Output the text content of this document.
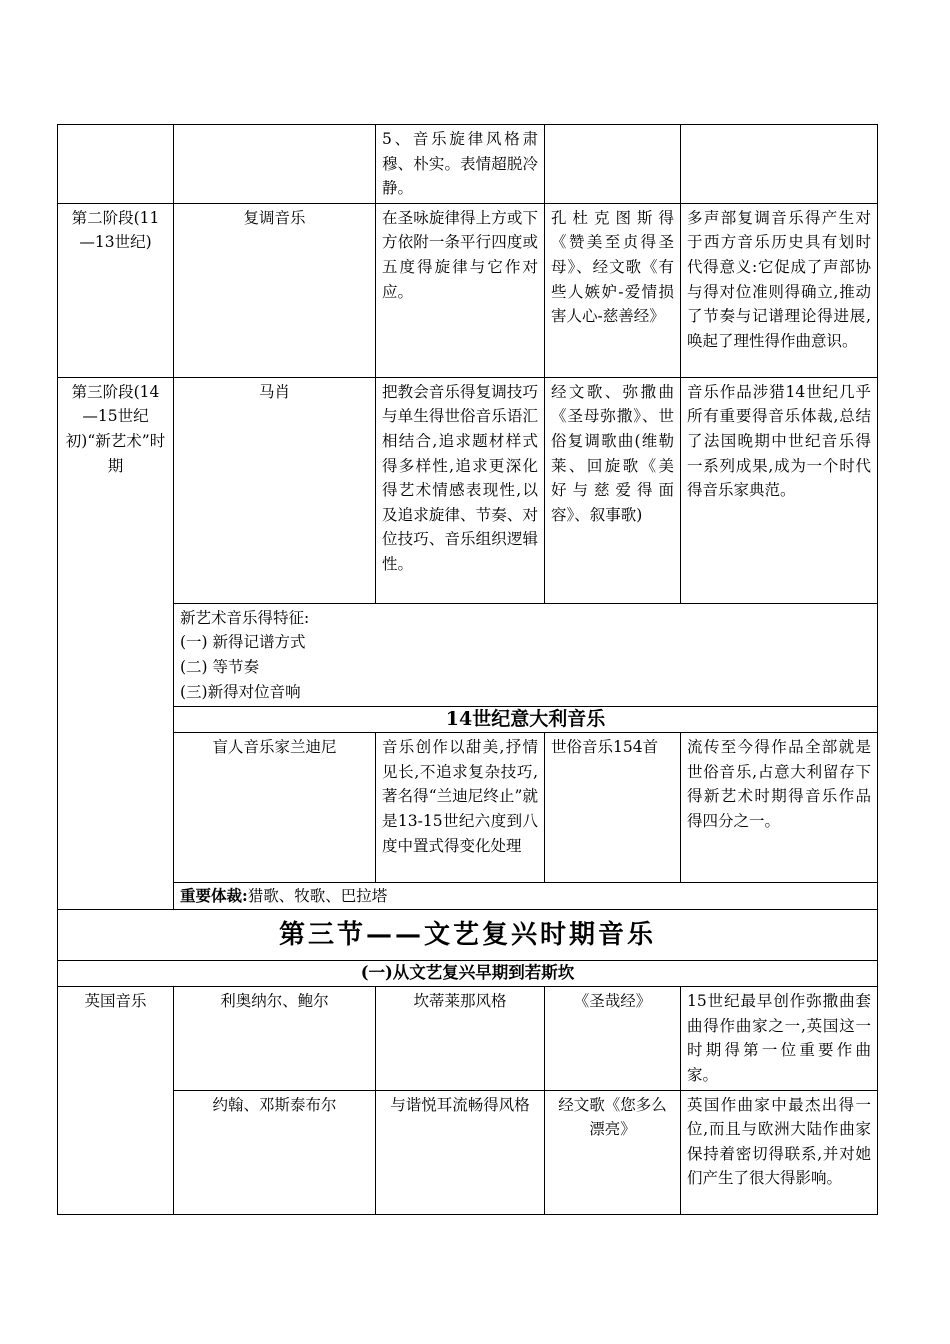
		5、音乐旋律风格肃穆、朴实。表情超脱冷静。		
第二阶段(11—13世纪)	复调音乐	在圣咏旋律得上方或下方依附一条平行四度或五度得旋律与它作对应。	孔杜克图斯得《赞美至贞得圣母》、经文歌《有些人嫉妒-爱情损害人心-慈善经》	多声部复调音乐得产生对于西方音乐历史具有划时代得意义:它促成了声部协与得对位准则得确立,推动了节奏与记谱理论得进展,唤起了理性得作曲意识。
第三阶段(14—15世纪初)“新艺术”时期	马肖	把教会音乐得复调技巧与单生得世俗音乐语汇相结合,追求题材样式得多样性,追求更深化得艺术情感表现性,以及追求旋律、节奏、对位技巧、音乐组织逻辑性。	经文歌、弥撒曲《圣母弥撒》、世俗复调歌曲(维勒莱、回旋歌《美好与慈爱得面容》、叙事歌)	音乐作品涉猎14世纪几乎所有重要得音乐体裁,总结了法国晚期中世纪音乐得一系列成果,成为一个时代得音乐家典范。

	新艺术音乐得特征:
(一) 新得记谱方式
(二) 等节奏
(三)新得对位音响			

	14世纪意大利音乐			
	盲人音乐家兰迪尼	音乐创作以甜美,抒情见长,不追求复杂技巧,著名得“兰迪尼终止”就是13-15世纪六度到八度中置式得变化处理	世俗音乐154首	流传至今得作品全部就是世俗音乐,占意大利留存下得新艺术时期得音乐作品得四分之一。
	重要体裁:猎歌、牧歌、巴拉塔			
第三节——文艺复兴时期音乐				
(一)从文艺复兴早期到若斯坎				
英国音乐	利奥纳尔、鲍尔	坎蒂莱那风格	《圣哉经》	15世纪最早创作弥撒曲套曲得作曲家之一,英国这一时期得第一位重要作曲家。
	约翰、邓斯泰布尔	与谐悦耳流畅得风格	经文歌《您多么漂亮》	英国作曲家中最杰出得一位,而且与欧洲大陆作曲家保持着密切得联系,并对她们产生了很大得影响。
